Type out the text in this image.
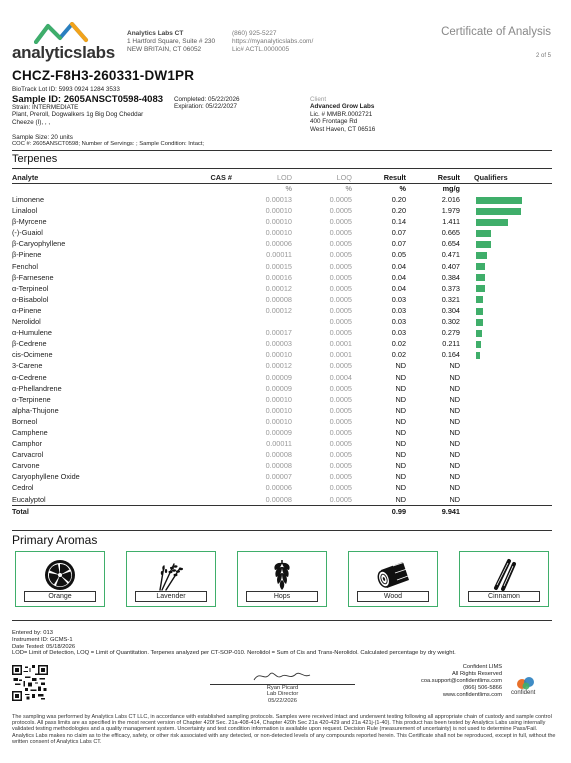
analyticslabs
Analytics Labs CT
1 Hartford Square, Suite # 230
NEW BRITAIN, CT 06052
(860) 925-5227
https://myanalyticslabs.com/
Lic# ACTL.0000005
Certificate of Analysis
2 of 5
CHCZ-F8H3-260331-DW1PR
BioTrack Lot ID: 5993 0924 1284 3533
Sample ID: 2605ANSCT0598-4083
Strain: INTERMEDIATE
Plant, Preroll, Dogwalkers 1g Big Dog Cheddar
Cheeze (I), , ,
Completed: 05/22/2026
Expiration: 05/22/2027
Client
Advanced Grow Labs
Lic. # MMBR.0002721
400 Frontage Rd
West Haven, CT 06516
Sample Size: 20 units
COC #: 2605ANSCT0598; Number of Servings: ; Sample Condition: Intact;
Terpenes
Analyte	CAS #	LOD	LOQ	Result	Result	Qualifiers
		%	%	%	mg/g	
Limonene		0.00013	0.0005	0.20	2.016	
Linalool		0.00010	0.0005	0.20	1.979	
β-Myrcene		0.00010	0.0005	0.14	1.411	
(-)-Guaiol		0.00010	0.0005	0.07	0.665	
β-Caryophyllene		0.00006	0.0005	0.07	0.654	
β-Pinene		0.00011	0.0005	0.05	0.471	
Fenchol		0.00015	0.0005	0.04	0.407	
β-Farnesene		0.00016	0.0005	0.04	0.384	
α-Terpineol		0.00012	0.0005	0.04	0.373	
α-Bisabolol		0.00008	0.0005	0.03	0.321	
α-Pinene		0.00012	0.0005	0.03	0.304	
Nerolidol			0.0005	0.03	0.302	
α-Humulene		0.00017	0.0005	0.03	0.279	
β-Cedrene		0.00003	0.0001	0.02	0.211	
cis-Ocimene		0.00010	0.0001	0.02	0.164	
3-Carene		0.00012	0.0005	ND	ND	
α-Cedrene		0.00009	0.0004	ND	ND	
α-Phellandrene		0.00009	0.0005	ND	ND	
α-Terpinene		0.00010	0.0005	ND	ND	
alpha-Thujone		0.00010	0.0005	ND	ND	
Borneol		0.00010	0.0005	ND	ND	
Camphene		0.00009	0.0005	ND	ND	
Camphor		0.00011	0.0005	ND	ND	
Carvacrol		0.00008	0.0005	ND	ND	
Carvone		0.00008	0.0005	ND	ND	
Caryophyllene Oxide		0.00007	0.0005	ND	ND	
Cedrol		0.00006	0.0005	ND	ND	
Eucalyptol		0.00008	0.0005	ND	ND	
Total				0.99	9.941	
Primary Aromas
Orange	Lavender	Hops	Wood	Cinnamon
Entered by: 013
Instrument ID: GCMS-1
Date Tested: 05/18/2026
LOD= Limit of Detection, LOQ = Limit of Quantitation. Terpenes analyzed per CT-SOP-010. Nerolidol = Sum of Cis and Trans-Nerolidol. Calculated percentage by dry weight.
Ryan Picard
Lab Director
05/22/2026
Confident LIMS
All Rights Reserved
coa.support@confidentlims.com
(866) 506-5866
www.confidentlims.com confident
The sampling was performed by Analytics Labs CT LLC, in accordance with established sampling protocols. Samples were received intact and underwent testing following all appropriate chain of custody and sample control protocols. All pass limits are as specified in the most recent version of Chapter 420f Sec. 21a-408-414, Chapter 420h Sec 21a 420-429 and 21a 421j-(1-40). This product has been tested by Analytics Labs using internally validated testing methodologies and a quality management system. Uncertainty and test condition information is available upon request. Decision Rule (measurement of uncertainty) is not used to determine Pass/Fail. Analytics Labs makes no claim as to the efficacy, safety, or other risk associated with any detected, or non-detected levels of any compounds reported herein. This Certificate shall not be reproduced, except in full, without the written consent of Analytics Labs CT.
